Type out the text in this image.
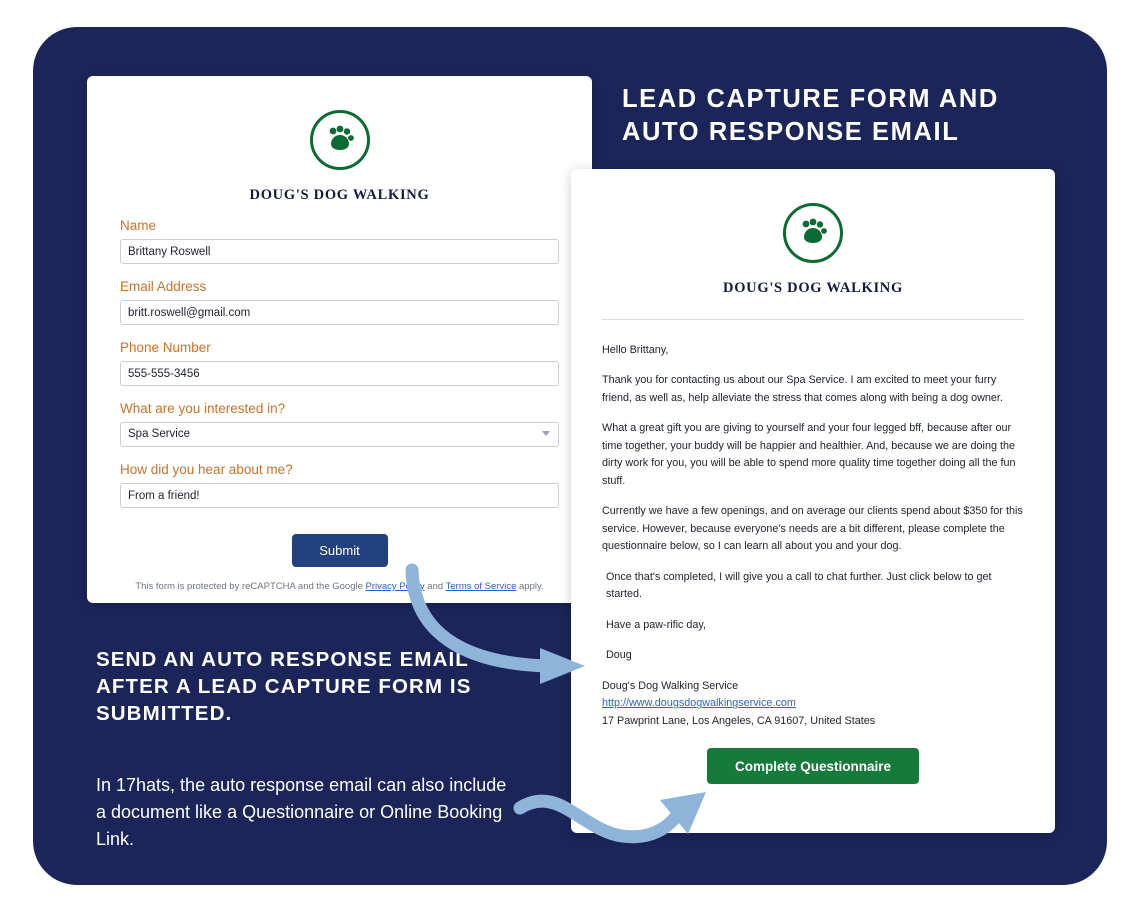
DOUG'S DOG WALKING
Name
Brittany Roswell
Email Address
britt.roswell@gmail.com
Phone Number
555-555-3456
What are you interested in?
Spa Service
How did you hear about me?
From a friend!
Submit
This form is protected by reCAPTCHA and the Google Privacy Policy and Terms of Service apply.
LEAD CAPTURE FORM AND AUTO RESPONSE EMAIL
DOUG'S DOG WALKING

Hello Brittany,

Thank you for contacting us about our Spa Service. I am excited to meet your furry friend, as well as, help alleviate the stress that comes along with being a dog owner.

What a great gift you are giving to yourself and your four legged bff, because after our time together, your buddy will be happier and healthier. And, because we are doing the dirty work for you, you will be able to spend more quality time together doing all the fun stuff.

Currently we have a few openings, and on average our clients spend about $350 for this service. However, because everyone's needs are a bit different, please complete the questionnaire below, so I can learn all about you and your dog.

Once that's completed, I will give you a call to chat further. Just click below to get started.

Have a paw-rific day,

Doug

Doug's Dog Walking Service
http://www.dougsdogwalkingservice.com
17 Pawprint Lane, Los Angeles, CA 91607, United States

Complete Questionnaire
SEND AN AUTO RESPONSE EMAIL AFTER A LEAD CAPTURE FORM IS SUBMITTED.
In 17hats, the auto response email can also include a document like a Questionnaire or Online Booking Link.
